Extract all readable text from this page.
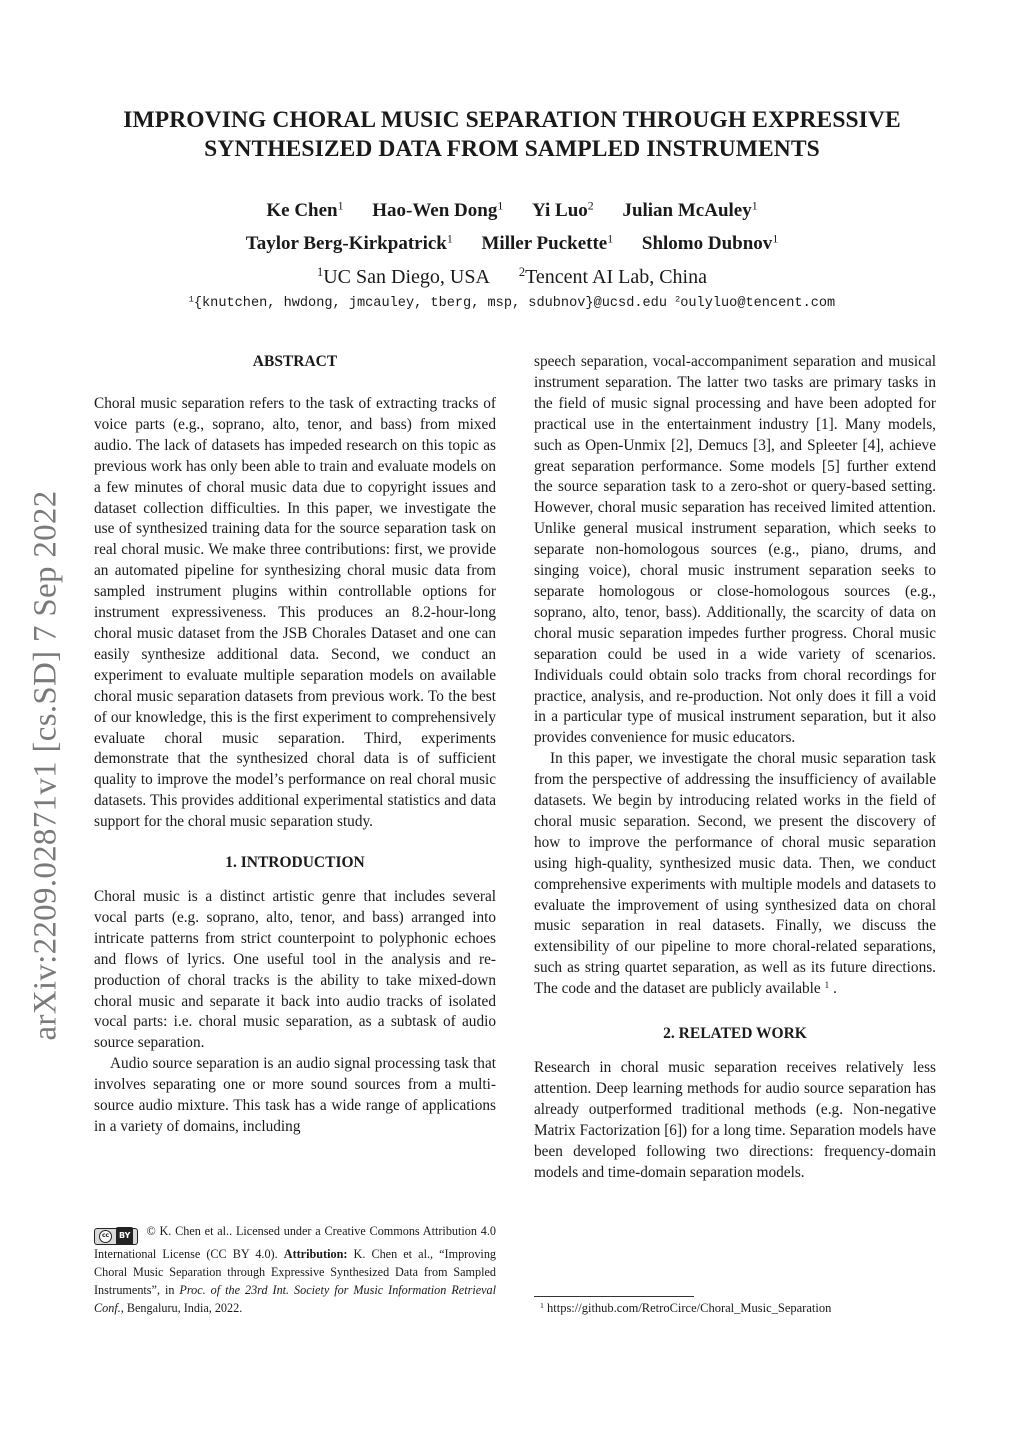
arXiv:2209.02871v1 [cs.SD] 7 Sep 2022
IMPROVING CHORAL MUSIC SEPARATION THROUGH EXPRESSIVE
SYNTHESIZED DATA FROM SAMPLED INSTRUMENTS
Ke Chen$^1$ Hao-Wen Dong$^1$ Yi Luo$^2$ Julian McAuley$^1$
Taylor Berg-Kirkpatrick$^1$ Miller Puckette$^1$ Shlomo Dubnov$^1$
$^1$UC San Diego, USA $^2$Tencent AI Lab, China
$^1${knutchen, hwdong, jmcauley, tberg, msp, sdubnov}@ucsd.edu $^2$oulyluo@tencent.com
ABSTRACT

Choral music separation refers to the task of extracting tracks of voice parts (e.g., soprano, alto, tenor, and bass) from mixed audio. The lack of datasets has impeded research on this topic as previous work has only been able to train and evaluate models on a few minutes of choral music data due to copyright issues and dataset collection difficulties. In this paper, we investigate the use of synthesized training data for the source separation task on real choral music. We make three contributions: first, we provide an automated pipeline for synthesizing choral music data from sampled instrument plugins within controllable options for instrument expressiveness. This produces an 8.2-hour-long choral music dataset from the JSB Chorales Dataset and one can easily synthesize additional data. Second, we conduct an experiment to evaluate multiple separation models on available choral music separation datasets from previous work. To the best of our knowledge, this is the first experiment to comprehensively evaluate choral music separation. Third, experiments demonstrate that the synthesized choral data is of sufficient quality to improve the model’s performance on real choral music datasets. This provides additional experimental statistics and data support for the choral music separation study.

1. INTRODUCTION

Choral music is a distinct artistic genre that includes several vocal parts (e.g. soprano, alto, tenor, and bass) arranged into intricate patterns from strict counterpoint to polyphonic echoes and flows of lyrics. One useful tool in the analysis and re-production of choral tracks is the ability to take mixed-down choral music and separate it back into audio tracks of isolated vocal parts: i.e. choral music separation, as a subtask of audio source separation.

Audio source separation is an audio signal processing task that involves separating one or more sound sources from a multi-source audio mixture. This task has a wide range of applications in a variety of domains, including

speech separation, vocal-accompaniment separation and musical instrument separation. The latter two tasks are primary tasks in the field of music signal processing and have been adopted for practical use in the entertainment industry [1]. Many models, such as Open-Unmix [2], Demucs [3], and Spleeter [4], achieve great separation performance. Some models [5] further extend the source separation task to a zero-shot or query-based setting. However, choral music separation has received limited attention. Unlike general musical instrument separation, which seeks to separate non-homologous sources (e.g., piano, drums, and singing voice), choral music instrument separation seeks to separate homologous or close-homologous sources (e.g., soprano, alto, tenor, bass). Additionally, the scarcity of data on choral music separation impedes further progress. Choral music separation could be used in a wide variety of scenarios. Individuals could obtain solo tracks from choral recordings for practice, analysis, and re-production. Not only does it fill a void in a particular type of musical instrument separation, but it also provides convenience for music educators.

In this paper, we investigate the choral music separation task from the perspective of addressing the insufficiency of available datasets. We begin by introducing related works in the field of choral music separation. Second, we present the discovery of how to improve the performance of choral music separation using high-quality, synthesized music data. Then, we conduct comprehensive experiments with multiple models and datasets to evaluate the improvement of using synthesized data on choral music separation in real datasets. Finally, we discuss the extensibility of our pipeline to more choral-related separations, such as string quartet separation, as well as its future directions. The code and the dataset are publicly available $^1$ .

2. RELATED WORK

Research in choral music separation receives relatively less attention. Deep learning methods for audio source separation has already outperformed traditional methods (e.g. Non-negative Matrix Factorization [6]) for a long time. Separation models have been developed following two directions: frequency-domain models and time-domain separation models.

cc	BY © K. Chen et al.. Licensed under a Creative Commons Attribution 4.0 International License (CC BY 4.0). Attribution: K. Chen et al., “Improving Choral Music Separation through Expressive Synthesized Data from Sampled Instruments”, in Proc. of the 23rd Int. Society for Music Information Retrieval Conf., Bengaluru, India, 2022.	$^1$ https://github.com/RetroCirce/Choral_Music_Separation
